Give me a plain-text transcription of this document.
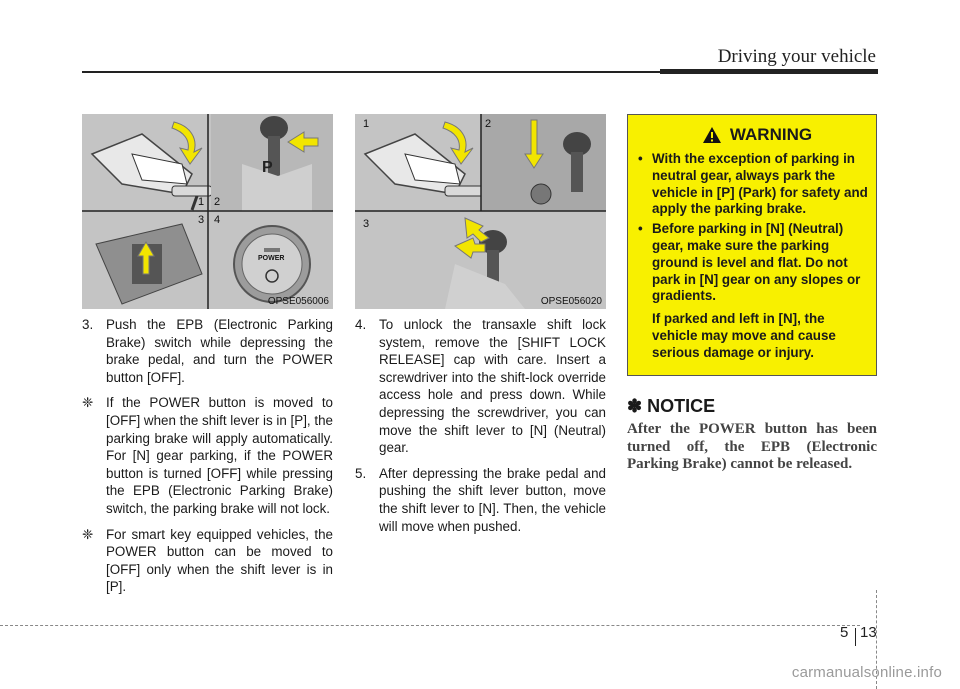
Driving your vehicle
P
1 2
3 4
POWER
OPSE056006
1	2
3
OPSE056020
3. Push the EPB (Electronic Parking Brake) switch while depressing the brake pedal, and turn the POWER button [OFF].
❈ If the POWER button is moved to [OFF] when the shift lever is in [P], the parking brake will apply automatically. For [N] gear parking, if the POWER button is turned [OFF] while pressing the EPB (Electronic Parking Brake) switch, the parking brake will not lock.
❈ For smart key equipped vehicles, the POWER button can be moved to [OFF] only when the shift lever is in [P].
4. To unlock the transaxle shift lock system, remove the [SHIFT LOCK RELEASE] cap with care. Insert a screwdriver into the shift-lock override access hole and press down. While depressing the screwdriver, you can move the shift lever to [N] (Neutral) gear.
5. After depressing the brake pedal and pushing the shift lever button, move the shift lever to [N]. Then, the vehicle will move when pushed.
WARNING
• With the exception of parking in neutral gear, always park the vehicle in [P] (Park) for safety and apply the parking brake.
• Before parking in [N] (Neutral) gear, make sure the parking ground is level and flat. Do not park in [N] gear on any slopes or gradients.
If parked and left in [N], the vehicle may move and cause serious damage or injury.
✽ NOTICE
After the POWER button has been turned off, the EPB (Electronic Parking Brake) cannot be released.
5 13
carmanualsonline.info
